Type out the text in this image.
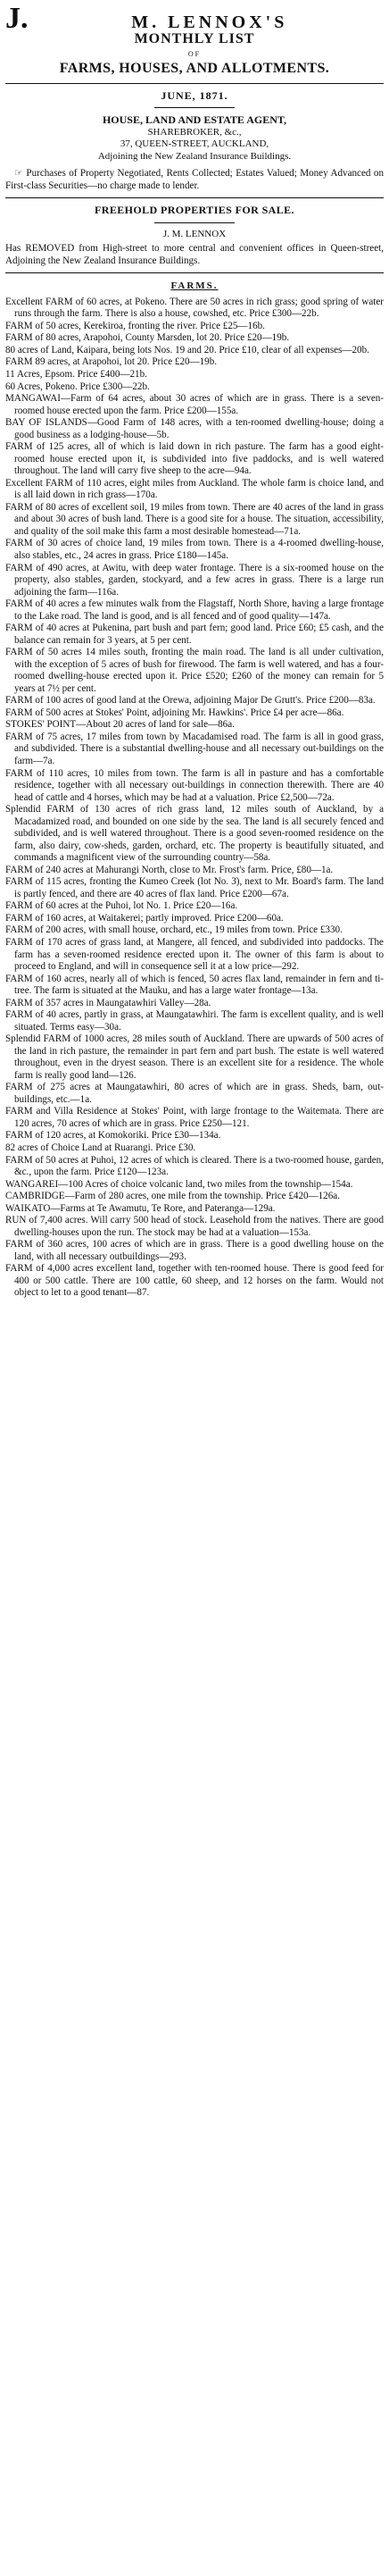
J.	M. LENNOX'S
MONTHLY LIST
OF
FARMS, HOUSES, AND ALLOTMENTS.
JUNE, 1871.
HOUSE, LAND AND ESTATE AGENT,
SHAREBROKER, &c.,
37, QUEEN-STREET, AUCKLAND,
Adjoining the New Zealand Insurance Buildings.

☞ Purchases of Property Negotiated, Rents Collected; Estates Valued; Money Advanced on First-class Securities—no charge made to lender.

FREEHOLD PROPERTIES FOR SALE.
J. M. LENNOX

Has REMOVED from High-street to more central and convenient offices in Queen-street, Adjoining the New Zealand Insurance Buildings.

FARMS.

Excellent FARM of 60 acres, at Pokeno. There are 50 acres in rich grass; good spring of water runs through the farm. There is also a house, cowshed, etc. Price £300—22b.

FARM of 50 acres, Kerekiroa, fronting the river. Price £25—16b.

FARM of 80 acres, Arapohoi, County Marsden, lot 20. Price £20—19b.

80 acres of Land, Kaipara, being lots Nos. 19 and 20. Price £10, clear of all expenses—20b.

FARM 89 acres, at Arapohoi, lot 20. Price £20—19b.

11 Acres, Epsom. Price £400—21b.

60 Acres, Pokeno. Price £300—22b.

MANGAWAI—Farm of 64 acres, about 30 acres of which are in grass. There is a seven-roomed house erected upon the farm. Price £200—155a.

BAY OF ISLANDS—Good Farm of 148 acres, with a ten-roomed dwelling-house; doing a good business as a lodging-house—5b.

FARM of 125 acres, all of which is laid down in rich pasture. The farm has a good eight-roomed house erected upon it, is subdivided into five paddocks, and is well watered throughout. The land will carry five sheep to the acre—94a.

Excellent FARM of 110 acres, eight miles from Auckland. The whole farm is choice land, and is all laid down in rich grass—170a.

FARM of 80 acres of excellent soil, 19 miles from town. There are 40 acres of the land in grass and about 30 acres of bush land. There is a good site for a house. The situation, accessibility, and quality of the soil make this farm a most desirable homestead—71a.

FARM of 30 acres of choice land, 19 miles from town. There is a 4-roomed dwelling-house, also stables, etc., 24 acres in grass. Price £180—145a.

FARM of 490 acres, at Awitu, with deep water frontage. There is a six-roomed house on the property, also stables, garden, stockyard, and a few acres in grass. There is a large run adjoining the farm—116a.

FARM of 40 acres a few minutes walk from the Flagstaff, North Shore, having a large frontage to the Lake road. The land is good, and is all fenced and of good quality—147a.

FARM of 40 acres at Pukenina, part bush and part fern; good land. Price £60; £5 cash, and the balance can remain for 3 years, at 5 per cent.

FARM of 50 acres 14 miles south, fronting the main road. The land is all under cultivation, with the exception of 5 acres of bush for firewood. The farm is well watered, and has a four-roomed dwelling-house erected upon it. Price £520; £260 of the money can remain for 5 years at 7½ per cent.

FARM of 100 acres of good land at the Orewa, adjoining Major De Grutt's. Price £200—83a.

FARM of 500 acres at Stokes' Point, adjoining Mr. Hawkins'. Price £4 per acre—86a.

STOKES' POINT—About 20 acres of land for sale—86a.

FARM of 75 acres, 17 miles from town by Macadamised road. The farm is all in good grass, and subdivided. There is a substantial dwelling-house and all necessary out-buildings on the farm—7a.

FARM of 110 acres, 10 miles from town. The farm is all in pasture and has a comfortable residence, together with all necessary out-buildings in connection therewith. There are 40 head of cattle and 4 horses, which may be had at a valuation. Price £2,500—72a.

Splendid FARM of 130 acres of rich grass land, 12 miles south of Auckland, by a Macadamized road, and bounded on one side by the sea. The land is all securely fenced and subdivided, and is well watered throughout. There is a good seven-roomed residence on the farm, also dairy, cow-sheds, garden, orchard, etc. The property is beautifully situated, and commands a magnificent view of the surrounding country—58a.

FARM of 240 acres at Mahurangi North, close to Mr. Frost's farm. Price, £80—1a.

FARM of 115 acres, fronting the Kumeo Creek (lot No. 3), next to Mr. Board's farm. The land is partly fenced, and there are 40 acres of flax land. Price £200—67a.

FARM of 60 acres at the Puhoi, lot No. 1. Price £20—16a.

FARM of 160 acres, at Waitakerei; partly improved. Price £200—60a.

FARM of 200 acres, with small house, orchard, etc., 19 miles from town. Price £330.

FARM of 170 acres of grass land, at Mangere, all fenced, and subdivided into paddocks. The farm has a seven-roomed residence erected upon it. The owner of this farm is about to proceed to England, and will in consequence sell it at a low price—292.

FARM of 160 acres, nearly all of which is fenced, 50 acres flax land, remainder in fern and ti-tree. The farm is situated at the Mauku, and has a large water frontage—13a.

FARM of 357 acres in Maungatawhiri Valley—28a.

FARM of 40 acres, partly in grass, at Maungatawhiri. The farm is excellent quality, and is well situated. Terms easy—30a.

Splendid FARM of 1000 acres, 28 miles south of Auckland. There are upwards of 500 acres of the land in rich pasture, the remainder in part fern and part bush. The estate is well watered throughout, even in the dryest season. There is an excellent site for a residence. The whole farm is really good land—126.

FARM of 275 acres at Maungatawhiri, 80 acres of which are in grass. Sheds, barn, out-buildings, etc.—1a.

FARM and Villa Residence at Stokes' Point, with large frontage to the Waitemata. There are 120 acres, 70 acres of which are in grass. Price £250—121.

FARM of 120 acres, at Komokoriki. Price £30—134a.

82 acres of Choice Land at Ruarangi. Price £30.

FARM of 50 acres at Puhoi, 12 acres of which is cleared. There is a two-roomed house, garden, &c., upon the farm. Price £120—123a.

WANGAREI—100 Acres of choice volcanic land, two miles from the township—154a.

CAMBRIDGE—Farm of 280 acres, one mile from the township. Price £420—126a.

WAIKATO—Farms at Te Awamutu, Te Rore, and Pateranga—129a.

RUN of 7,400 acres. Will carry 500 head of stock. Leasehold from the natives. There are good dwelling-houses upon the run. The stock may be had at a valuation—153a.

FARM of 360 acres, 100 acres of which are in grass. There is a good dwelling house on the land, with all necessary outbuildings—293.

FARM of 4,000 acres excellent land, together with ten-roomed house. There is good feed for 400 or 500 cattle. There are 100 cattle, 60 sheep, and 12 horses on the farm. Would not object to let to a good tenant—87.
